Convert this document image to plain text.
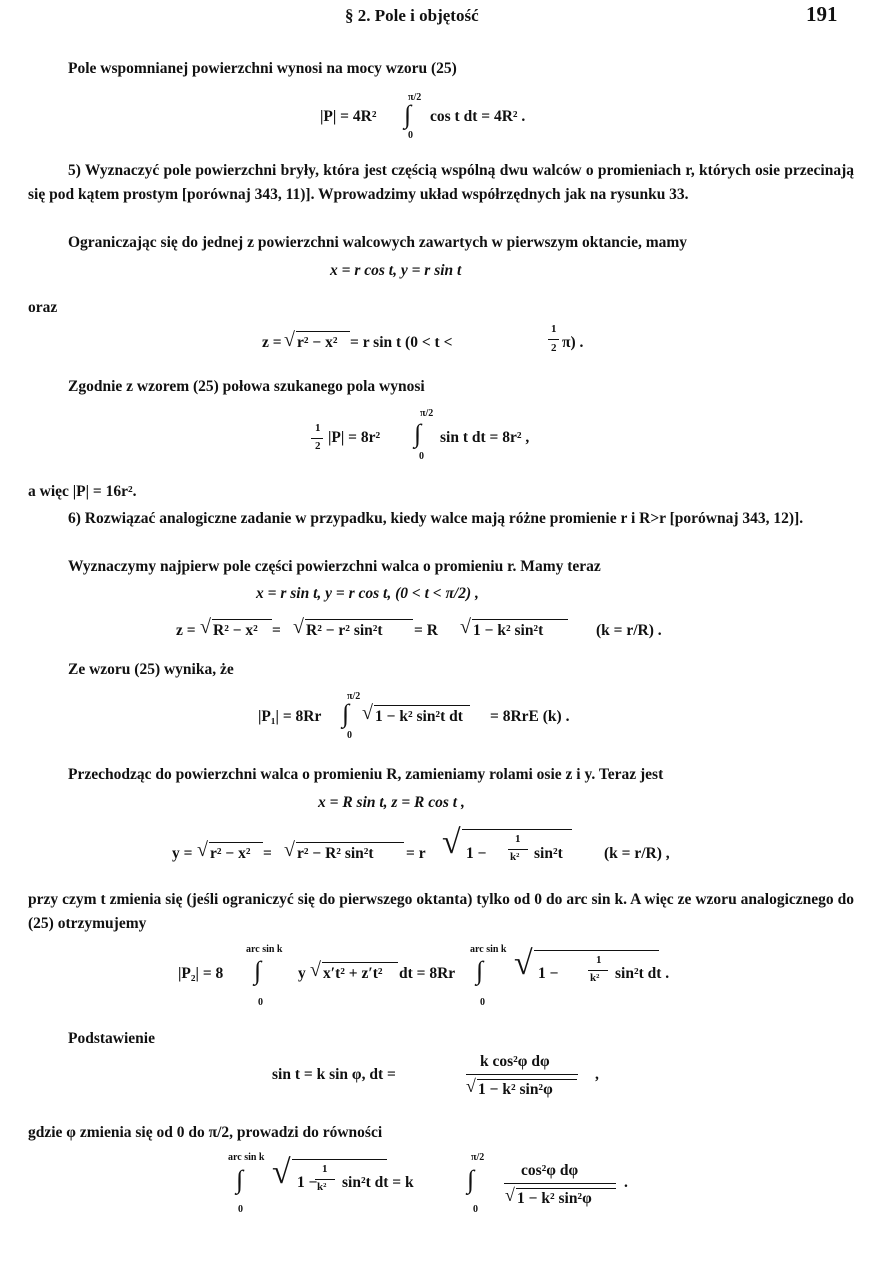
§ 2. Pole i objętość	191
Pole wspomnianej powierzchni wynosi na mocy wzoru (25)
π/2
|P| = 4R² ∫ cos t dt = 4R² .
0
5) Wyznaczyć pole powierzchni bryły, która jest częścią wspólną dwu walców o promieniach r, których osie przecinają się pod kątem prostym [porównaj 343, 11)]. Wprowadzimy układ współrzędnych jak na rysunku 33.
Ograniczając się do jednej z powierzchni walcowych zawartych w pierwszym oktancie, mamy
x = r cos t, y = r sin t
oraz
z = √ r² − x² = r sin t (0 < t <
1
2 π) .
Zgodnie z wzorem (25) połowa szukanego pola wynosi
π/2
1
2 |P| = 8r² ∫ sin t dt = 8r² ,
0
a więc |P| = 16r².
6) Rozwiązać analogiczne zadanie w przypadku, kiedy walce mają różne promienie r i R>r [porównaj 343, 12)].
Wyznaczymy najpierw pole części powierzchni walca o promieniu r. Mamy teraz
x = r sin t, y = r cos t, (0 < t < π/2) ,
z = √ R² − x² = √ R² − r² sin²t = R √ 1 − k² sin²t	(k = r/R) .
Ze wzoru (25) wynika, że
π/2
|P₁| = 8Rr ∫ √ 1 − k² sin²t dt = 8RrE (k) .
0
Przechodząc do powierzchni walca o promieniu R, zamieniamy rolami osie z i y. Teraz jest
x = R sin t, z = R cos t ,
y = √ r² − x² = √ r² − R² sin²t = r √ 1 −
1
k² sin²t	(k = r/R) ,
przy czym t zmienia się (jeśli ograniczyć się do pierwszego oktanta) tylko od 0 do arc sin k. A więc ze wzoru analogicznego do (25) otrzymujemy
arc sin k	arc sin k
|P₂| = 8 ∫ y √ x′t² + z′t² dt = 8Rr ∫ √ 1 −
1
k² sin²t dt .
0	0
Podstawienie
sin t = k sin φ, dt =
k cos²φ dφ
√ 1 − k² sin²φ
,
gdzie φ zmienia się od 0 do π/2, prowadzi do równości
arc sin k	π/2
∫ √ 1 −
1
k² sin²t dt = k ∫	cos²φ dφ
√ 1 − k² sin²φ
.
0	0
